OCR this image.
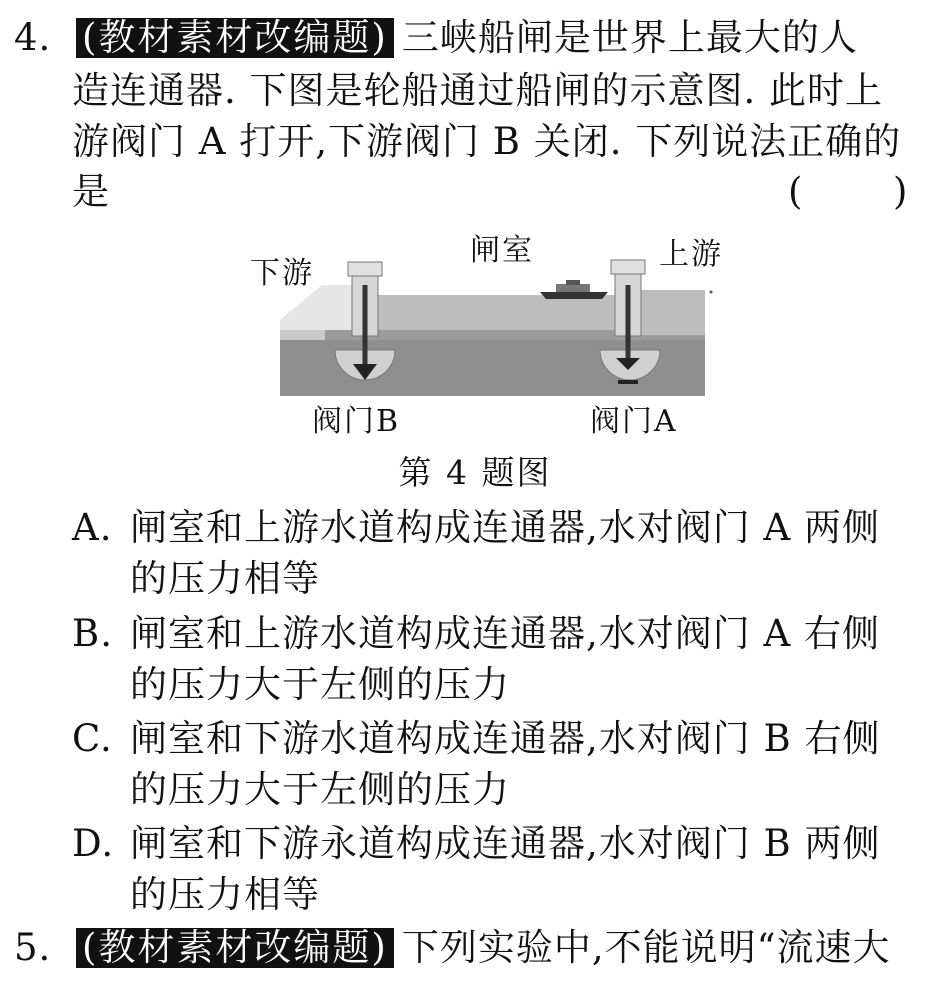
4. (教材素材改编题) 三峡船闸是世界上最大的人
造连通器. 下图是轮船通过船闸的示意图. 此时上
游阀门 A 打开,下游阀门 B 关闭. 下列说法正确的
是	( )
下游
闸室	上游
阀门B	阀门A
第 4 题图
A. 闸室和上游水道构成连通器,水对阀门 A 两侧
的压力相等
B. 闸室和上游水道构成连通器,水对阀门 A 右侧
的压力大于左侧的压力
C. 闸室和下游水道构成连通器,水对阀门 B 右侧
的压力大于左侧的压力
D. 闸室和下游永道构成连通器,水对阀门 B 两侧
的压力相等
5. (教材素材改编题) 下列实验中,不能说明“流速大
